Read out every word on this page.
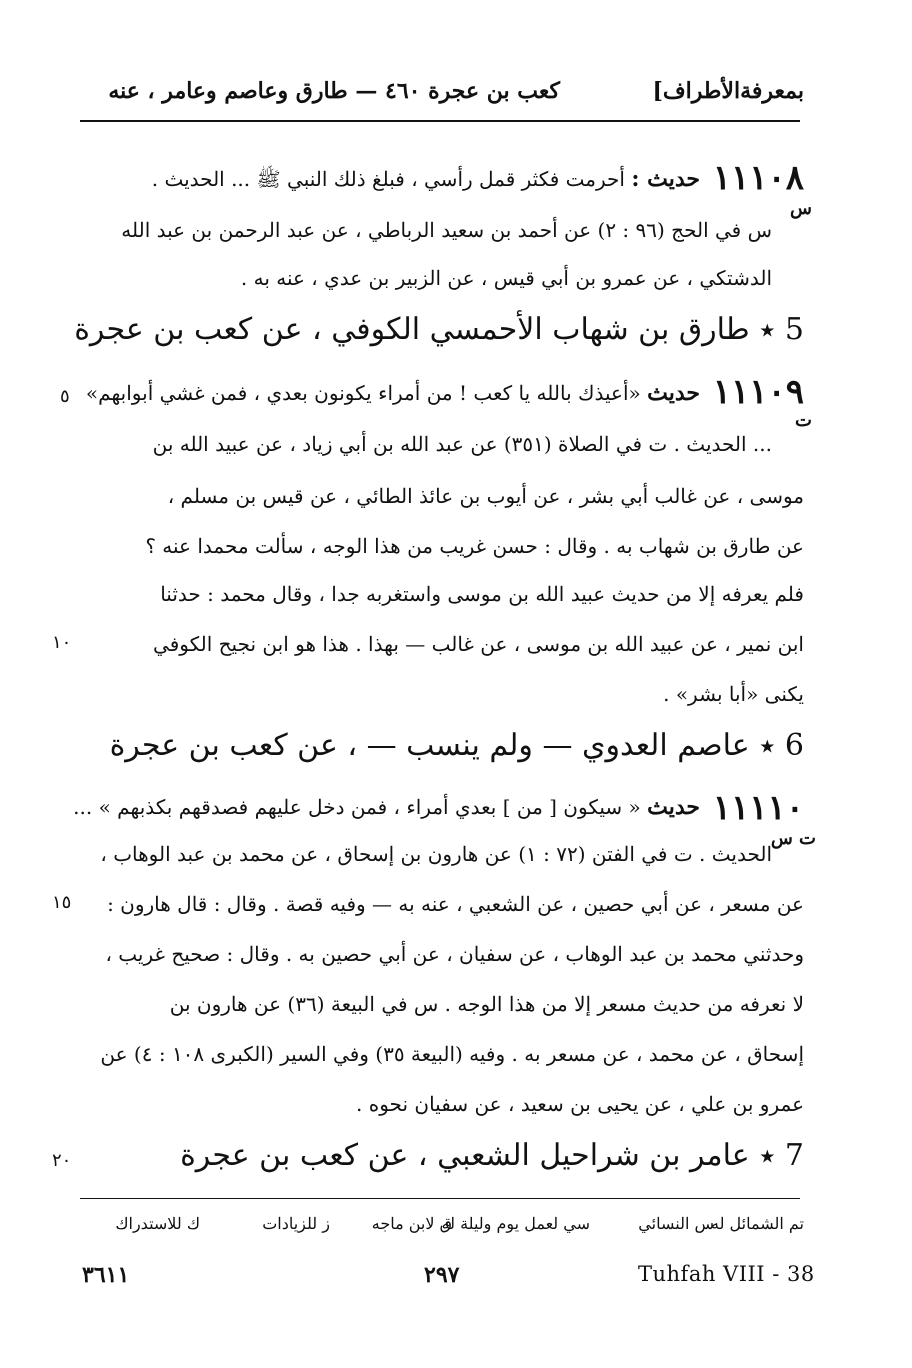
بمعرفةالأطراف]
كعب بن عجرة ٤٦٠ — طارق وعاصم وعامر ، عنه
١١١٠٨
س
حديث : أحرمت فكثر قمل رأسي ، فبلغ ذلك النبي ﷺ ... الحديث .
س في الحج (٩٦ : ٢) عن أحمد بن سعيد الرباطي ، عن عبد الرحمن بن عبد الله
الدشتكي ، عن عمرو بن أبي قيس ، عن الزبير بن عدي ، عنه به .
5 ★ طارق بن شهاب الأحمسي الكوفي ، عن كعب بن عجرة
٥	١١١٠٩
ت
حديث «أعيذك بالله يا كعب ! من أمراء يكونون بعدي ، فمن غشي أبوابهم»
... الحديث . ت في الصلاة (٣٥١) عن عبد الله بن أبي زياد ، عن عبيد الله بن
موسى ، عن غالب أبي بشر ، عن أيوب بن عائذ الطائي ، عن قيس بن مسلم ،
عن طارق بن شهاب به . وقال : حسن غريب من هذا الوجه ، سألت محمدا عنه ؟
فلم يعرفه إلا من حديث عبيد الله بن موسى واستغربه جدا ، وقال محمد : حدثنا
١٠	ابن نمير ، عن عبيد الله بن موسى ، عن غالب — بهذا . هذا هو ابن نجيح الكوفي
يكنى «أبا بشر» .
6 ★ عاصم العدوي — ولم ينسب — ، عن كعب بن عجرة
١١١١٠
ت س
حديث « سيكون [ من ] بعدي أمراء ، فمن دخل عليهم فصدقهم بكذبهم » ...
الحديث . ت في الفتن (٧٢ : ١) عن هارون بن إسحاق ، عن محمد بن عبد الوهاب ،
١٥ عن مسعر ، عن أبي حصين ، عن الشعبي ، عنه به — وفيه قصة . وقال : قال هارون :
وحدثني محمد بن عبد الوهاب ، عن سفيان ، عن أبي حصين به . وقال : صحيح غريب ،
لا نعرفه من حديث مسعر إلا من هذا الوجه . س في البيعة (٣٦) عن هارون بن
إسحاق ، عن محمد ، عن مسعر به . وفيه (البيعة ٣٥) وفي السير (الكبرى ١٠٨ : ٤) عن
عمرو بن علي ، عن يحيى بن سعيد ، عن سفيان نحوه .
٢٠	7 ★ عامر بن شراحيل الشعبي ، عن كعب بن عجرة
تم الشمائل له
س النسائي
سي لعمل يوم وليلة له
ق لابن ماجه
ز للزيادات
ك للاستدراك
٣٦١١	٢٩٧	Tuhfah VIII - 38
